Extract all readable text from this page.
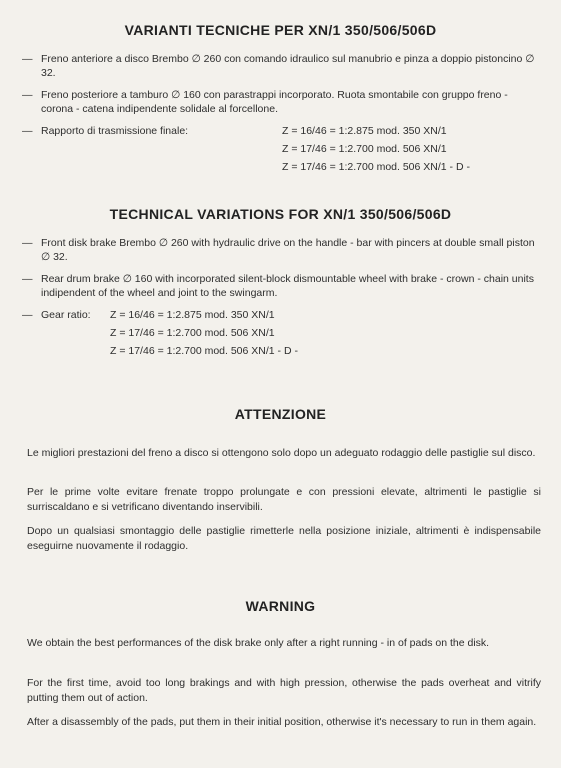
VARIANTI TECNICHE PER XN/1 350/506/506D
— Freno anteriore a disco Brembo ∅ 260 con comando idraulico sul manubrio e pinza a doppio pistoncino ∅ 32.
— Freno posteriore a tamburo ∅ 160 con parastrappi incorporato. Ruota smontabile con gruppo freno - corona - catena indipendente solidale al forcellone.
— Rapporto di trasmissione finale:	Z = 16/46 = 1:2.875 mod. 350 XN/1
Z = 17/46 = 1:2.700 mod. 506 XN/1
Z = 17/46 = 1:2.700 mod. 506 XN/1 - D -
TECHNICAL VARIATIONS FOR XN/1 350/506/506D
— Front disk brake Brembo ∅ 260 with hydraulic drive on the handle - bar with pincers at double small piston ∅ 32.
— Rear drum brake ∅ 160 with incorporated silent-block dismountable wheel with brake - crown - chain units indipendent of the wheel and joint to the swingarm.
— Gear ratio:	Z = 16/46 = 1:2.875 mod. 350 XN/1
Z = 17/46 = 1:2.700 mod. 506 XN/1
Z = 17/46 = 1:2.700 mod. 506 XN/1 - D -
ATTENZIONE

Le migliori prestazioni del freno a disco si ottengono solo dopo un adeguato rodaggio delle pastiglie sul disco.

Per le prime volte evitare frenate troppo prolungate e con pressioni elevate, altrimenti le pastiglie si surriscaldano e si vetrificano diventando inservibili.

Dopo un qualsiasi smontaggio delle pastiglie rimetterle nella posizione iniziale, altrimenti è indispensabile eseguirne nuovamente il rodaggio.

WARNING

We obtain the best performances of the disk brake only after a right running - in of pads on the disk.

For the first time, avoid too long brakings and with high pression, otherwise the pads overheat and vitrify putting them out of action.

After a disassembly of the pads, put them in their initial position, otherwise it's necessary to run in them again.
